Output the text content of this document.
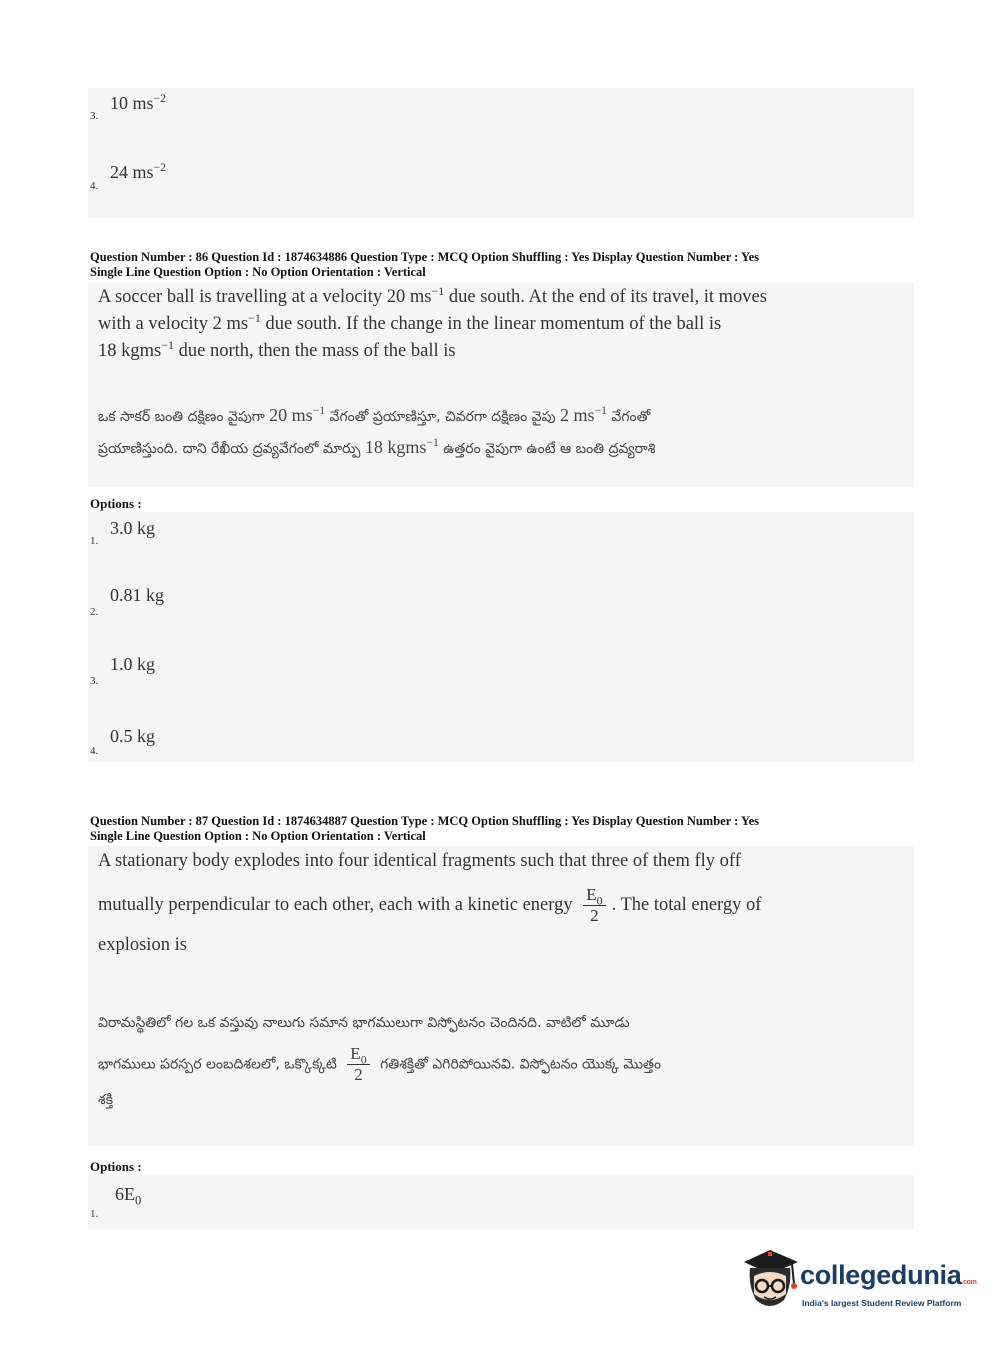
3.
10 $ms^{-2}$
4.
24 $ms^{-2}$
Question Number : 86 Question Id : 1874634886 Question Type : MCQ Option Shuffling : Yes Display Question Number : Yes
Single Line Question Option : No Option Orientation : Vertical
A soccer ball is travelling at a velocity 20 $ms^{-1}$ due south. At the end of its travel, it moves
with a velocity 2 $ms^{-1}$ due south. If the change in the linear momentum of the ball is
18 kgms$^{-1}$ due north, then the mass of the ball is
ఒక సాకర్ బంతి దక్షిణం వైపుగా 20 $ms^{-1}$ వేగంతో ప్రయాణిస్తూ, చివరగా దక్షిణం వైపు 2 $ms^{-1}$ వేగంతో
ప్రయాణిస్తుంది. దాని రేఖీయ ద్రవ్యవేగంలో మార్పు 18 kgms$^{-1}$ ఉత్తరం వైపుగా ఉంటే ఆ బంతి ద్రవ్యరాశి
Options :
1.
3.0 kg
2.
0.81 kg
3.
1.0 kg
4.
0.5 kg
Question Number : 87 Question Id : 1874634887 Question Type : MCQ Option Shuffling : Yes Display Question Number : Yes
Single Line Question Option : No Option Orientation : Vertical
A stationary body explodes into four identical fragments such that three of them fly off
mutually perpendicular to each other, each with a kinetic energy $\frac{E_0}{2}$ . The total energy of
explosion is
విరామస్థితిలో గల ఒక వస్తువు నాలుగు సమాన భాగములుగా విస్ఫోటనం చెందినది. వాటిలో మూడు
భాగములు పరస్పర లంబదిశలలో, ఒక్కొక్కటి $\frac{E_0}{2}$ గతిశక్తితో ఎగిరిపోయినవి. విస్ఫోటనం యొక్క మొత్తం
శక్తి
Options :
1.
$6E_0$
collegedunia.com
India's largest Student Review Platform
